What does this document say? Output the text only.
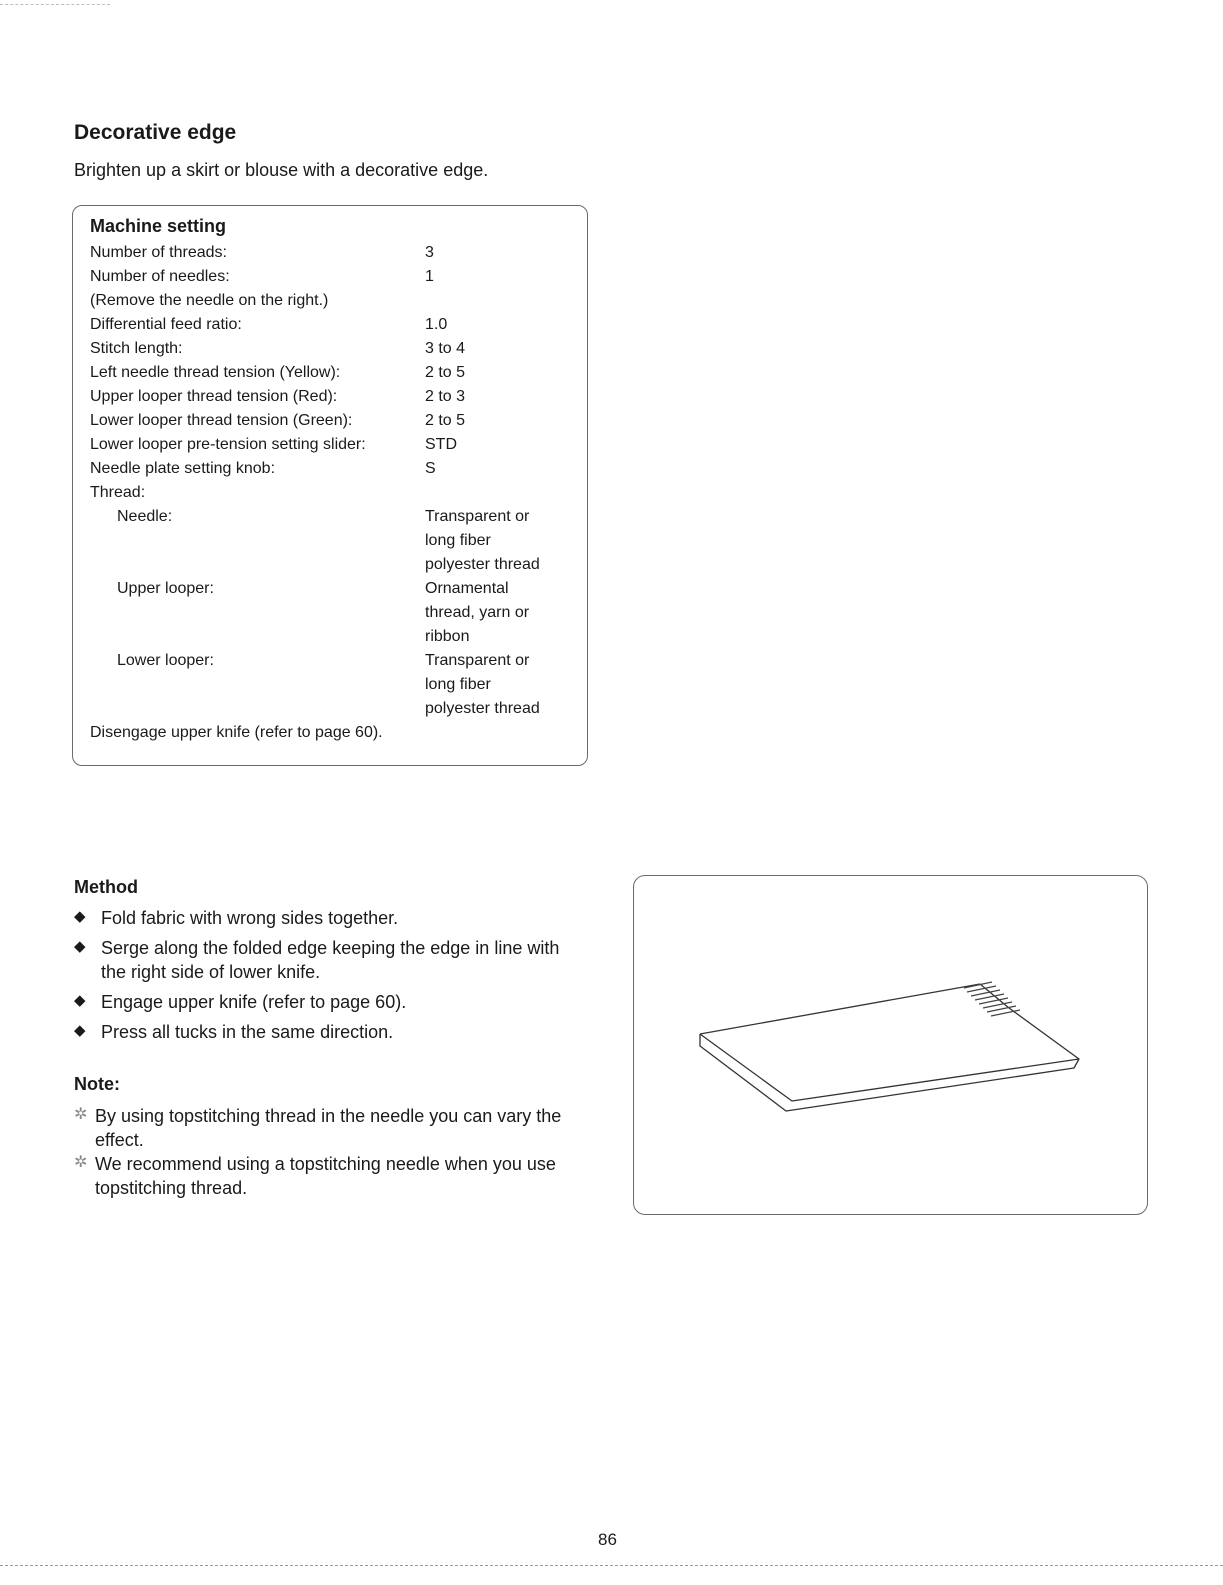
Decorative edge
Brighten up a skirt or blouse with a decorative edge.
Machine setting
Number of threads:	3
Number of needles:	1
(Remove the needle on the right.)
Differential feed ratio:	1.0
Stitch length:	3 to 4
Left needle thread tension (Yellow):	2 to 5
Upper looper thread tension (Red):	2 to 3
Lower looper thread tension (Green):	2 to 5
Lower looper pre-tension setting slider:	STD
Needle plate setting knob:	S
Thread:
Needle:	Transparent or
long fiber
polyester thread
Upper looper:	Ornamental
thread, yarn or
ribbon
Lower looper:	Transparent or
long fiber
polyester thread
Disengage upper knife (refer to page 60).
Method
◆ Fold fabric with wrong sides together.
◆ Serge along the folded edge keeping the edge in line with
the right side of lower knife.
◆ Engage upper knife (refer to page 60).
◆ Press all tucks in the same direction.
Note:
✲ By using topstitching thread in the needle you can vary the
effect.
✲ We recommend using a topstitching needle when you use
topstitching thread.
86
